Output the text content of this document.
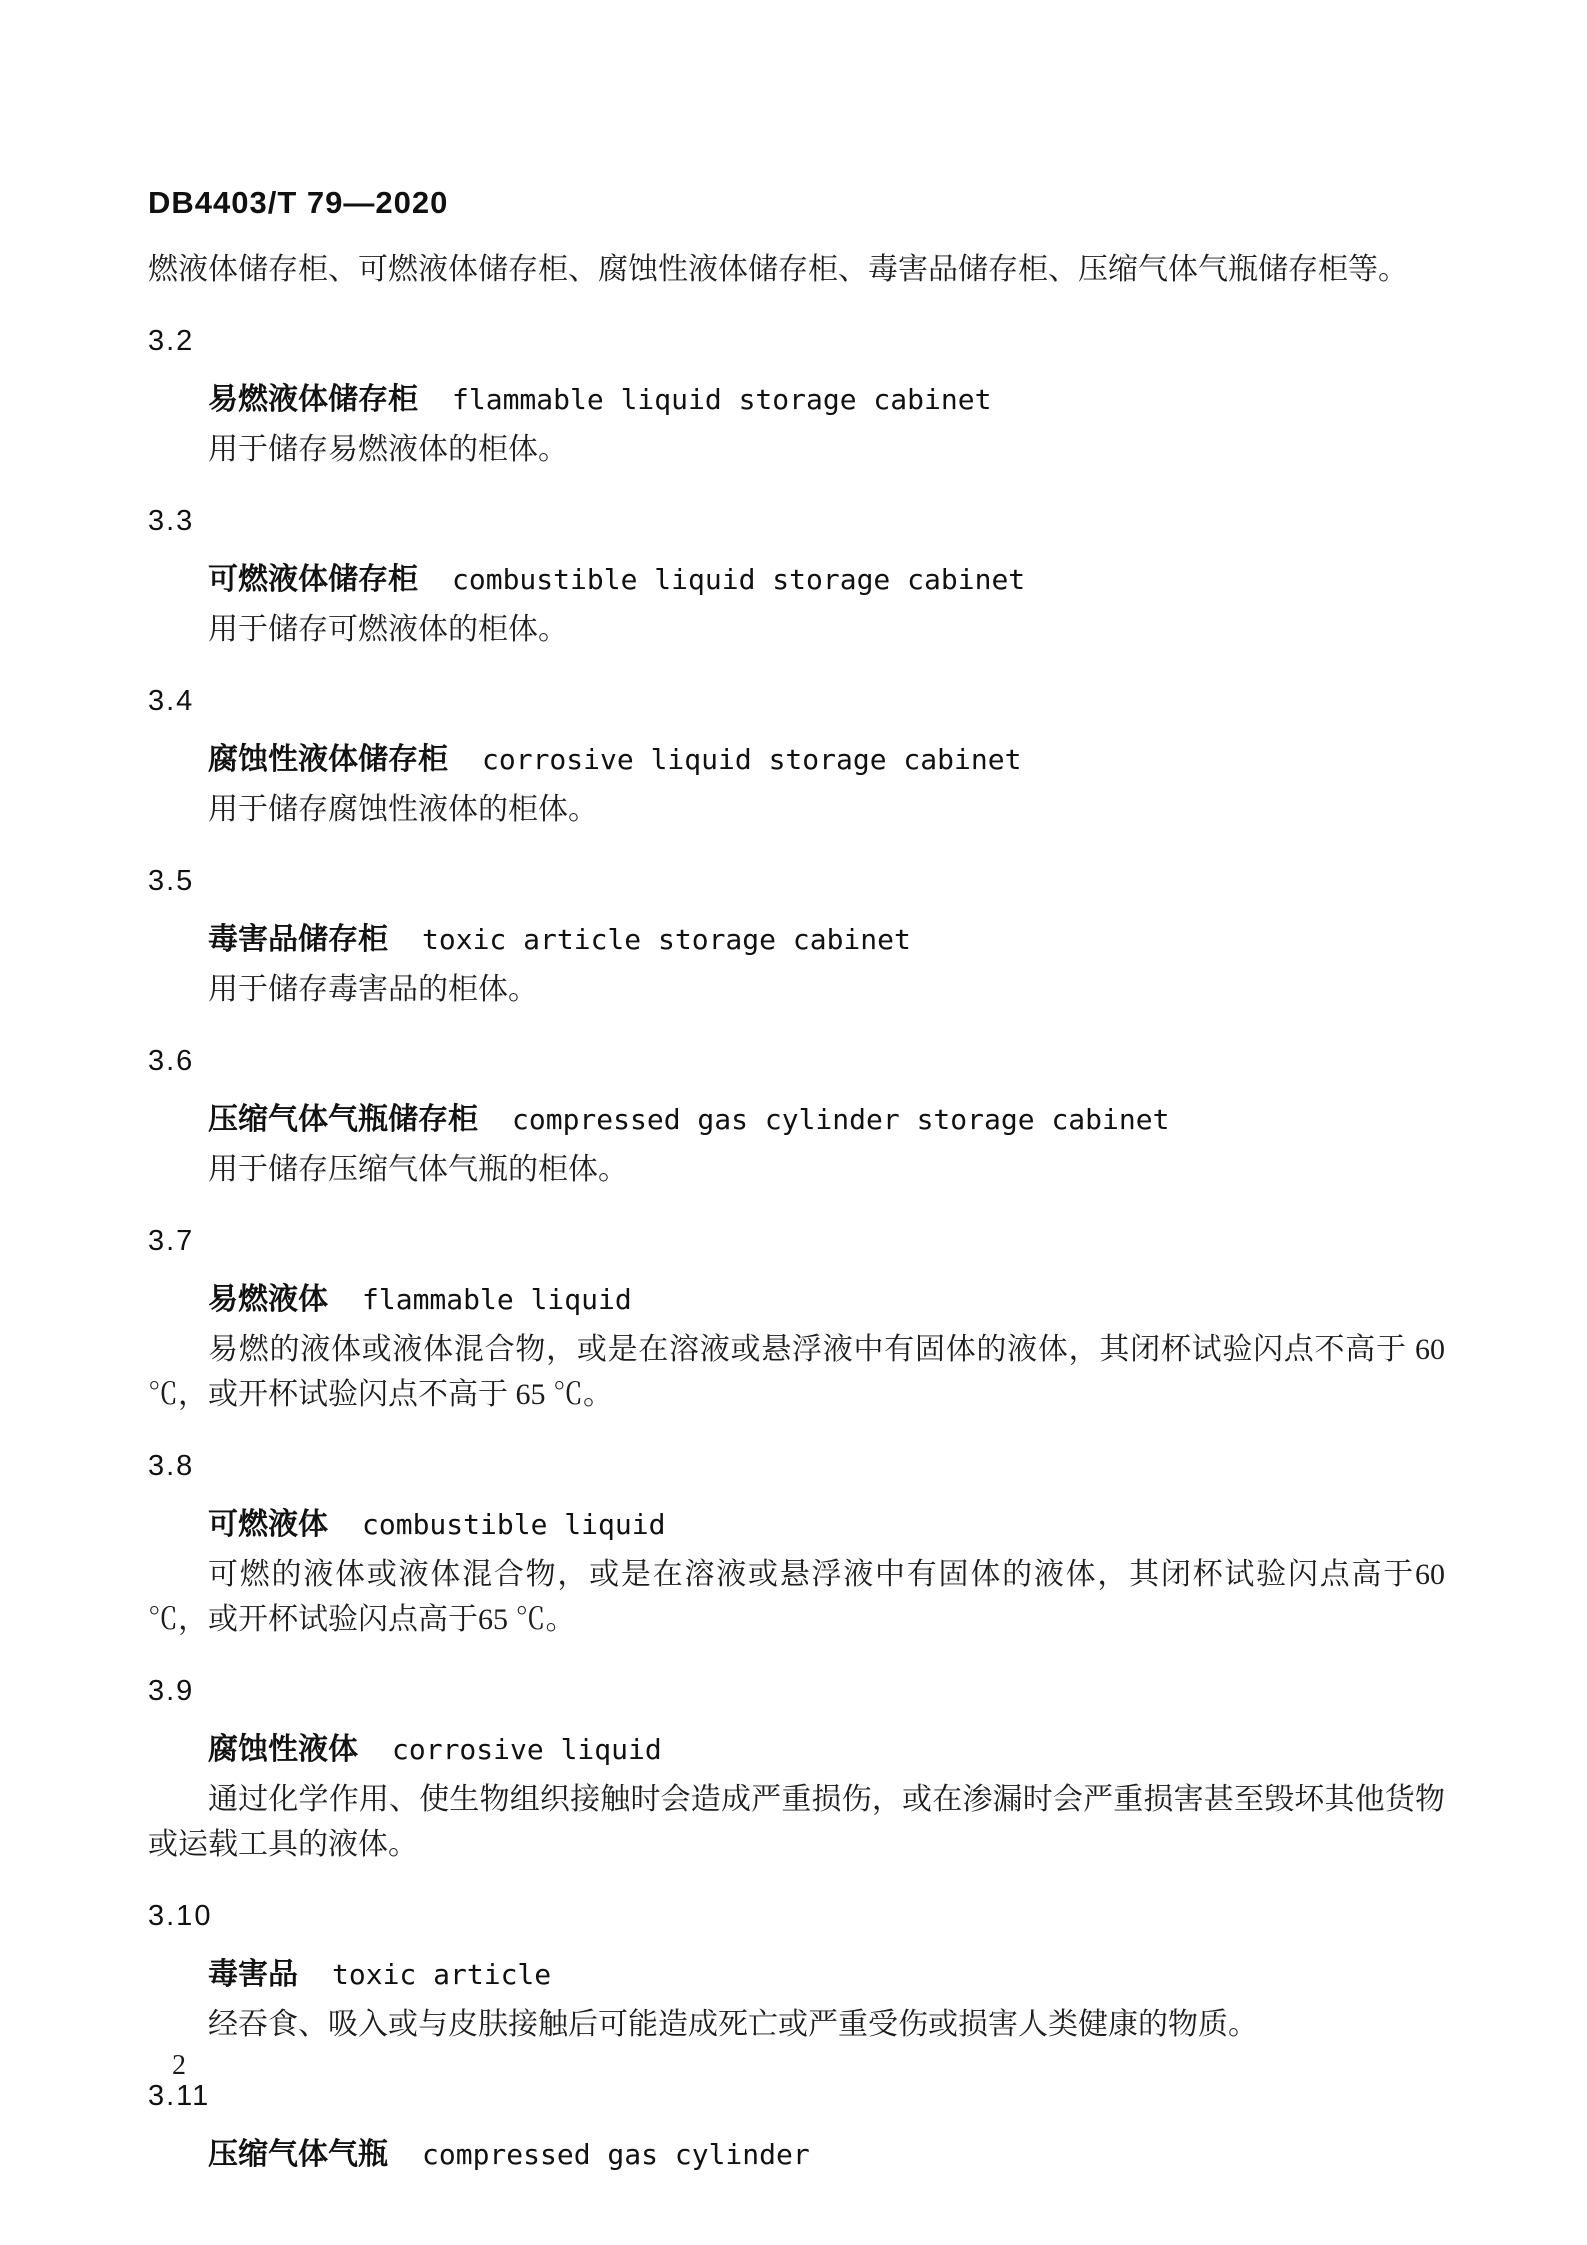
DB4403/T 79—2020

燃液体储存柜、可燃液体储存柜、腐蚀性液体储存柜、毒害品储存柜、压缩气体气瓶储存柜等。

3.2
易燃液体储存柜 flammable liquid storage cabinet

用于储存易燃液体的柜体。

3.3
可燃液体储存柜 combustible liquid storage cabinet

用于储存可燃液体的柜体。

3.4
腐蚀性液体储存柜 corrosive liquid storage cabinet

用于储存腐蚀性液体的柜体。

3.5
毒害品储存柜 toxic article storage cabinet

用于储存毒害品的柜体。

3.6
压缩气体气瓶储存柜 compressed gas cylinder storage cabinet

用于储存压缩气体气瓶的柜体。

3.7
易燃液体 flammable liquid

易燃的液体或液体混合物，或是在溶液或悬浮液中有固体的液体，其闭杯试验闪点不高于 60 ℃，或开杯试验闪点不高于 65 ℃。

3.8
可燃液体 combustible liquid

可燃的液体或液体混合物，或是在溶液或悬浮液中有固体的液体，其闭杯试验闪点高于60 ℃，或开杯试验闪点高于65 ℃。

3.9
腐蚀性液体 corrosive liquid

通过化学作用、使生物组织接触时会造成严重损伤，或在渗漏时会严重损害甚至毁坏其他货物或运载工具的液体。

3.10
毒害品 toxic article

经吞食、吸入或与皮肤接触后可能造成死亡或严重受伤或损害人类健康的物质。

3.11
压缩气体气瓶 compressed gas cylinder
2
